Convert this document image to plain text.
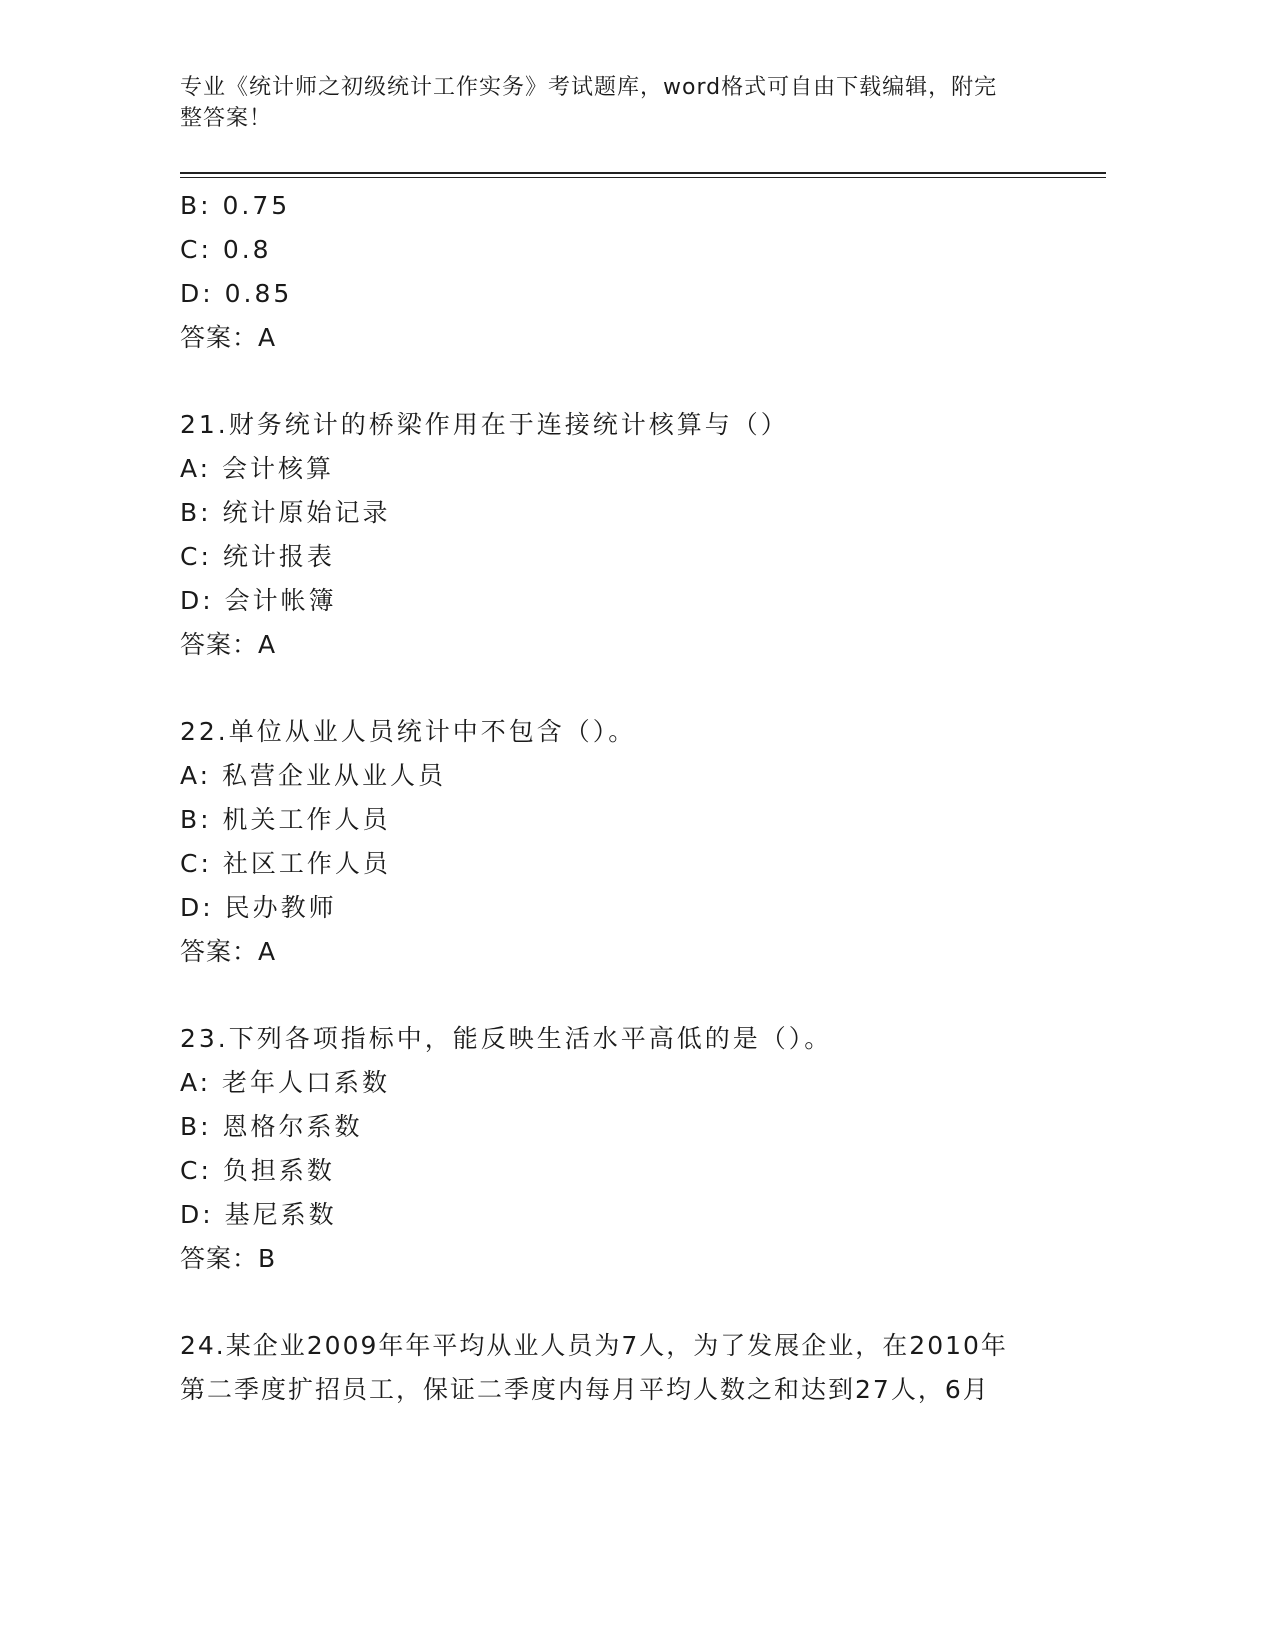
专业《统计师之初级统计工作实务》考试题库，word格式可自由下载编辑，附完
整答案！
B: 0.75
C: 0.8
D: 0.85
答案：A
21.财务统计的桥梁作用在于连接统计核算与（）
A: 会计核算
B: 统计原始记录
C: 统计报表
D: 会计帐簿
答案：A
22.单位从业人员统计中不包含（）。
A: 私营企业从业人员
B: 机关工作人员
C: 社区工作人员
D: 民办教师
答案：A
23.下列各项指标中，能反映生活水平高低的是（）。
A: 老年人口系数
B: 恩格尔系数
C: 负担系数
D: 基尼系数
答案：B
24.某企业2009年年平均从业人员为7人，为了发展企业，在2010年
第二季度扩招员工，保证二季度内每月平均人数之和达到27人，6月
